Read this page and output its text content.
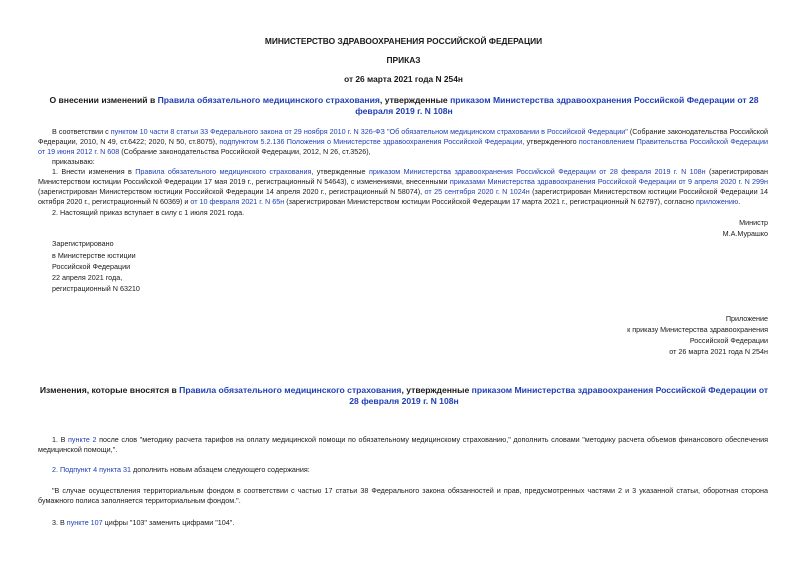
МИНИСТЕРСТВО ЗДРАВООХРАНЕНИЯ РОССИЙСКОЙ ФЕДЕРАЦИИ
ПРИКАЗ
от 26 марта 2021 года N 254н
О внесении изменений в Правила обязательного медицинского страхования, утвержденные приказом Министерства здравоохранения Российской Федерации от 28 февраля 2019 г. N 108н
В соответствии с пунктом 10 части 8 статьи 33 Федерального закона от 29 ноября 2010 г. N 326-ФЗ "Об обязательном медицинском страховании в Российской Федерации" (Собрание законодательства Российской Федерации, 2010, N 49, ст.6422; 2020, N 50, ст.8075), подпунктом 5.2.136 Положения о Министерстве здравоохранения Российской Федерации, утвержденного постановлением Правительства Российской Федерации от 19 июня 2012 г. N 608 (Собрание законодательства Российской Федерации, 2012, N 26, ст.3526),
приказываю:
1. Внести изменения в Правила обязательного медицинского страхования, утвержденные приказом Министерства здравоохранения Российской Федерации от 28 февраля 2019 г. N 108н (зарегистрирован Министерством юстиции Российской Федерации 17 мая 2019 г., регистрационный N 54643), с изменениями, внесенными приказами Министерства здравоохранения Российской Федерации от 9 апреля 2020 г. N 299н (зарегистрирован Министерством юстиции Российской Федерации 14 апреля 2020 г., регистрационный N 58074), от 25 сентября 2020 г. N 1024н (зарегистрирован Министерством юстиции Российской Федерации 14 октября 2020 г., регистрационный N 60369) и от 10 февраля 2021 г. N 65н (зарегистрирован Министерством юстиции Российской Федерации 17 марта 2021 г., регистрационный N 62797), согласно приложению.
2. Настоящий приказ вступает в силу с 1 июля 2021 года.
Министр
М.А.Мурашко
Зарегистрировано
в Министерстве юстиции
Российской Федерации
22 апреля 2021 года,
регистрационный N 63210
Приложение
к приказу Министерства здравоохранения
Российской Федерации
от 26 марта 2021 года N 254н
Изменения, которые вносятся в Правила обязательного медицинского страхования, утвержденные приказом Министерства здравоохранения Российской Федерации от 28 февраля 2019 г. N 108н
1. В пункте 2 после слов "методику расчета тарифов на оплату медицинской помощи по обязательному медицинскому страхованию," дополнить словами "методику расчета объемов финансового обеспечения медицинской помощи,".
2. Подпункт 4 пункта 31 дополнить новым абзацем следующего содержания:
"В случае осуществления территориальным фондом в соответствии с частью 17 статьи 38 Федерального закона обязанностей и прав, предусмотренных частями 2 и 3 указанной статьи, оборотная сторона бумажного полиса заполняется территориальным фондом.".
3. В пункте 107 цифры "103" заменить цифрами "104".
